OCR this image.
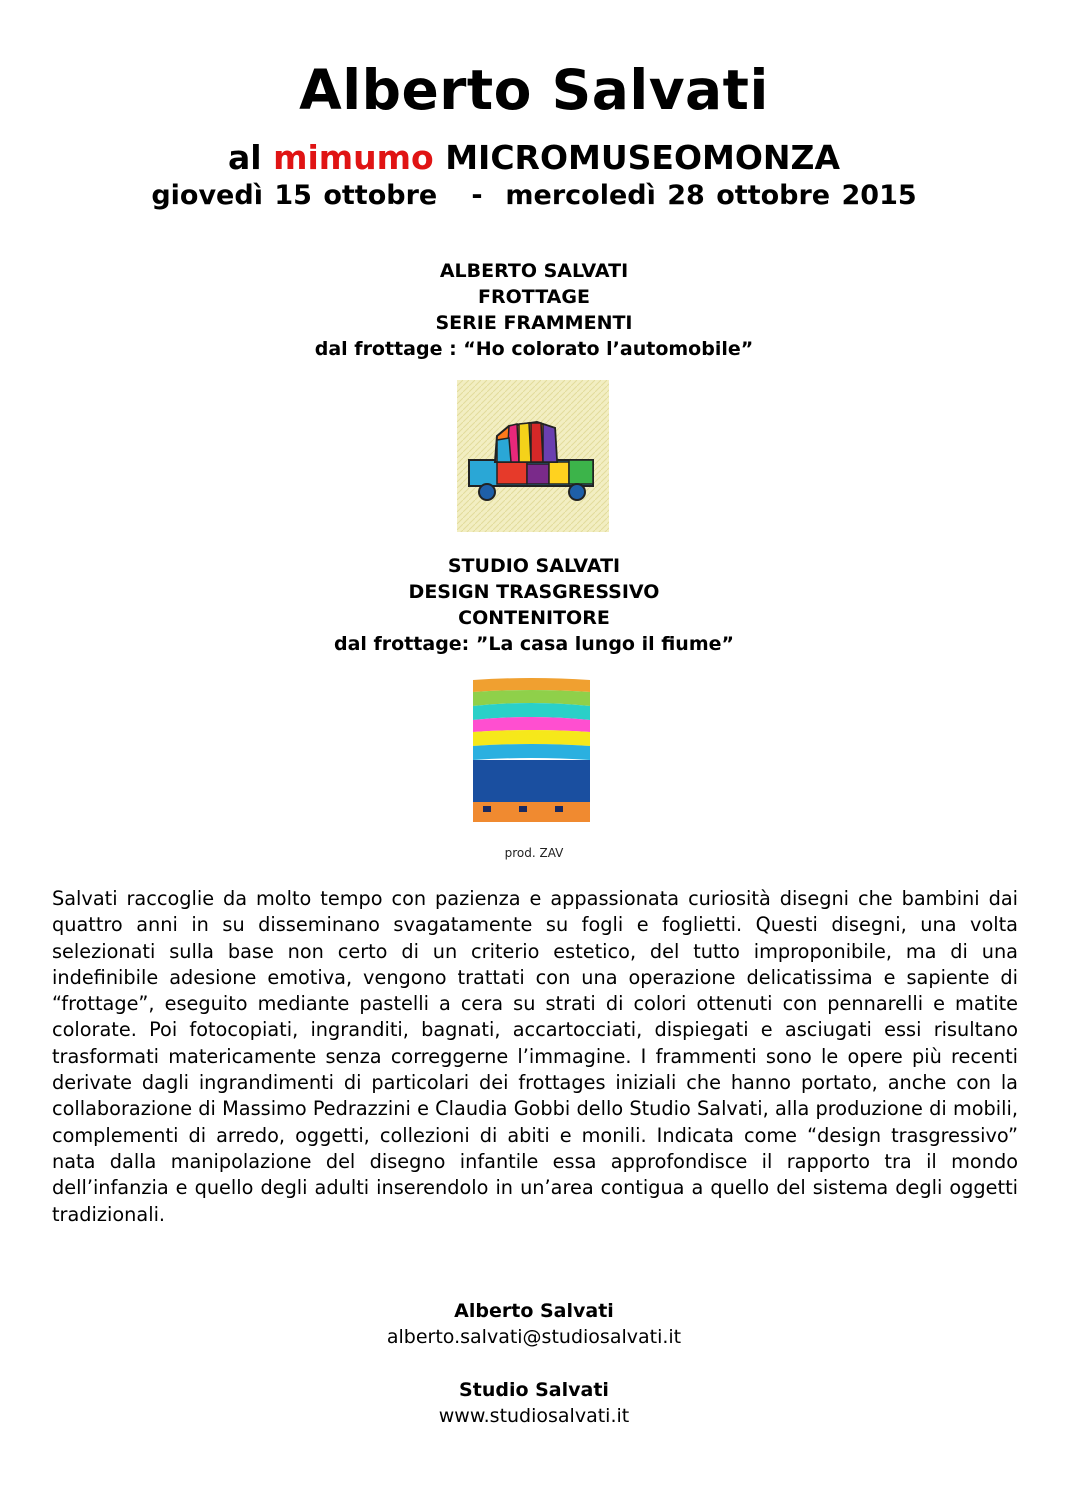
Alberto Salvati
al mimumo MICROMUSEOMONZA
giovedì 15 ottobre   -  mercoledì 28 ottobre 2015
ALBERTO SALVATI
FROTTAGE
SERIE FRAMMENTI
dal frottage : “Ho colorato l’automobile”
STUDIO SALVATI
DESIGN TRASGRESSIVO
CONTENITORE
dal frottage: ”La casa lungo il fiume”
prod. ZAV
Salvati raccoglie da molto tempo con pazienza e appassionata curiosità disegni che bambini dai quattro anni in su disseminano svagatamente su fogli e foglietti. Questi disegni, una volta selezionati sulla base non certo di un criterio estetico, del tutto improponibile, ma di una indefinibile adesione emotiva, vengono trattati con una operazione delicatissima e sapiente di “frottage”, eseguito mediante pastelli a cera su strati di colori ottenuti con pennarelli e matite colorate. Poi fotocopiati, ingranditi, bagnati, accartocciati, dispiegati e asciugati essi risultano trasformati matericamente senza correggerne l’immagine. I frammenti sono le opere più recenti derivate dagli ingrandimenti di particolari dei frottages iniziali che hanno portato, anche con la collaborazione di Massimo Pedrazzini e Claudia Gobbi dello Studio Salvati, alla produzione di mobili, complementi di arredo, oggetti, collezioni di abiti e monili. Indicata come “design trasgressivo” nata dalla manipolazione del disegno infantile essa approfondisce il rapporto tra il mondo dell’infanzia e quello degli adulti inserendolo in un’area contigua a quello del sistema degli oggetti tradizionali.
Alberto Salvati
alberto.salvati@studiosalvati.it
Studio Salvati
www.studiosalvati.it
